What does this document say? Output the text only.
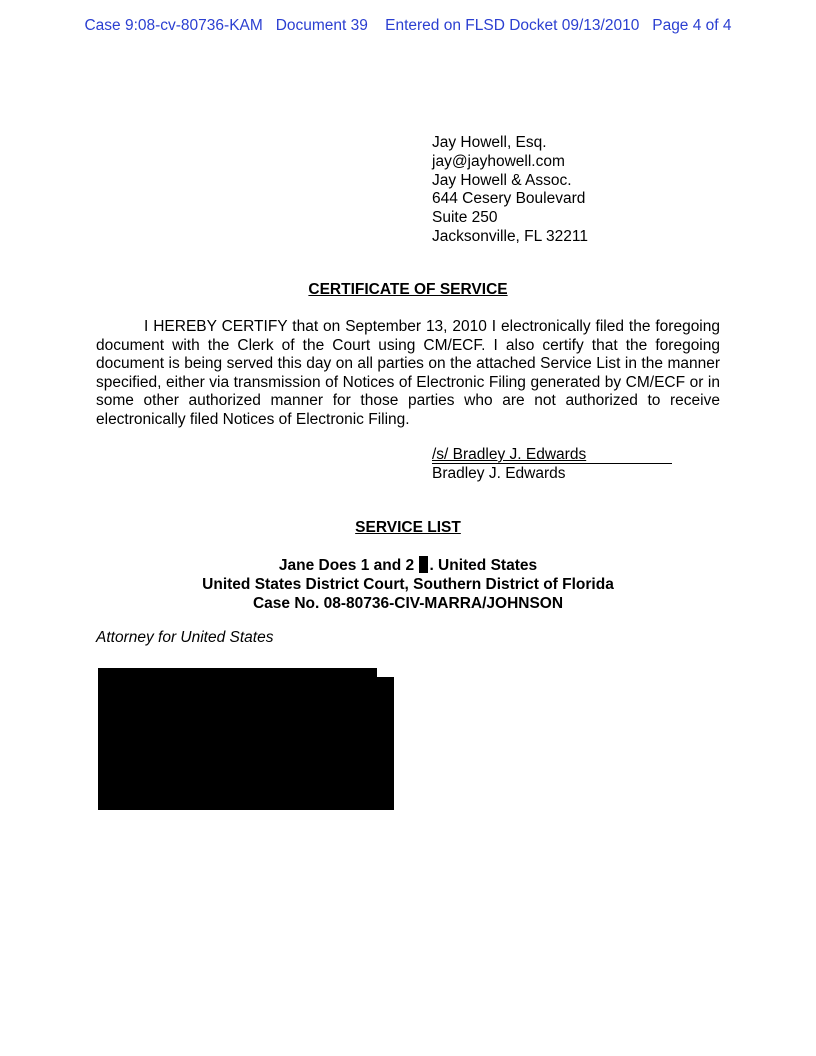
Case 9:08-cv-80736-KAM   Document 39    Entered on FLSD Docket 09/13/2010   Page 4 of 4
Jay Howell, Esq.
jay@jayhowell.com
Jay Howell & Assoc.
644 Cesery Boulevard
Suite 250
Jacksonville, FL 32211
CERTIFICATE OF SERVICE
I HEREBY CERTIFY that on September 13, 2010 I electronically filed the foregoing document with the Clerk of the Court using CM/ECF. I also certify that the foregoing document is being served this day on all parties on the attached Service List in the manner specified, either via transmission of Notices of Electronic Filing generated by CM/ECF or in some other authorized manner for those parties who are not authorized to receive electronically filed Notices of Electronic Filing.
/s/ Bradley J. Edwards
Bradley J. Edwards
SERVICE LIST
Jane Does 1 and 2 . United States
United States District Court, Southern District of Florida
Case No. 08-80736-CIV-MARRA/JOHNSON
Attorney for United States
